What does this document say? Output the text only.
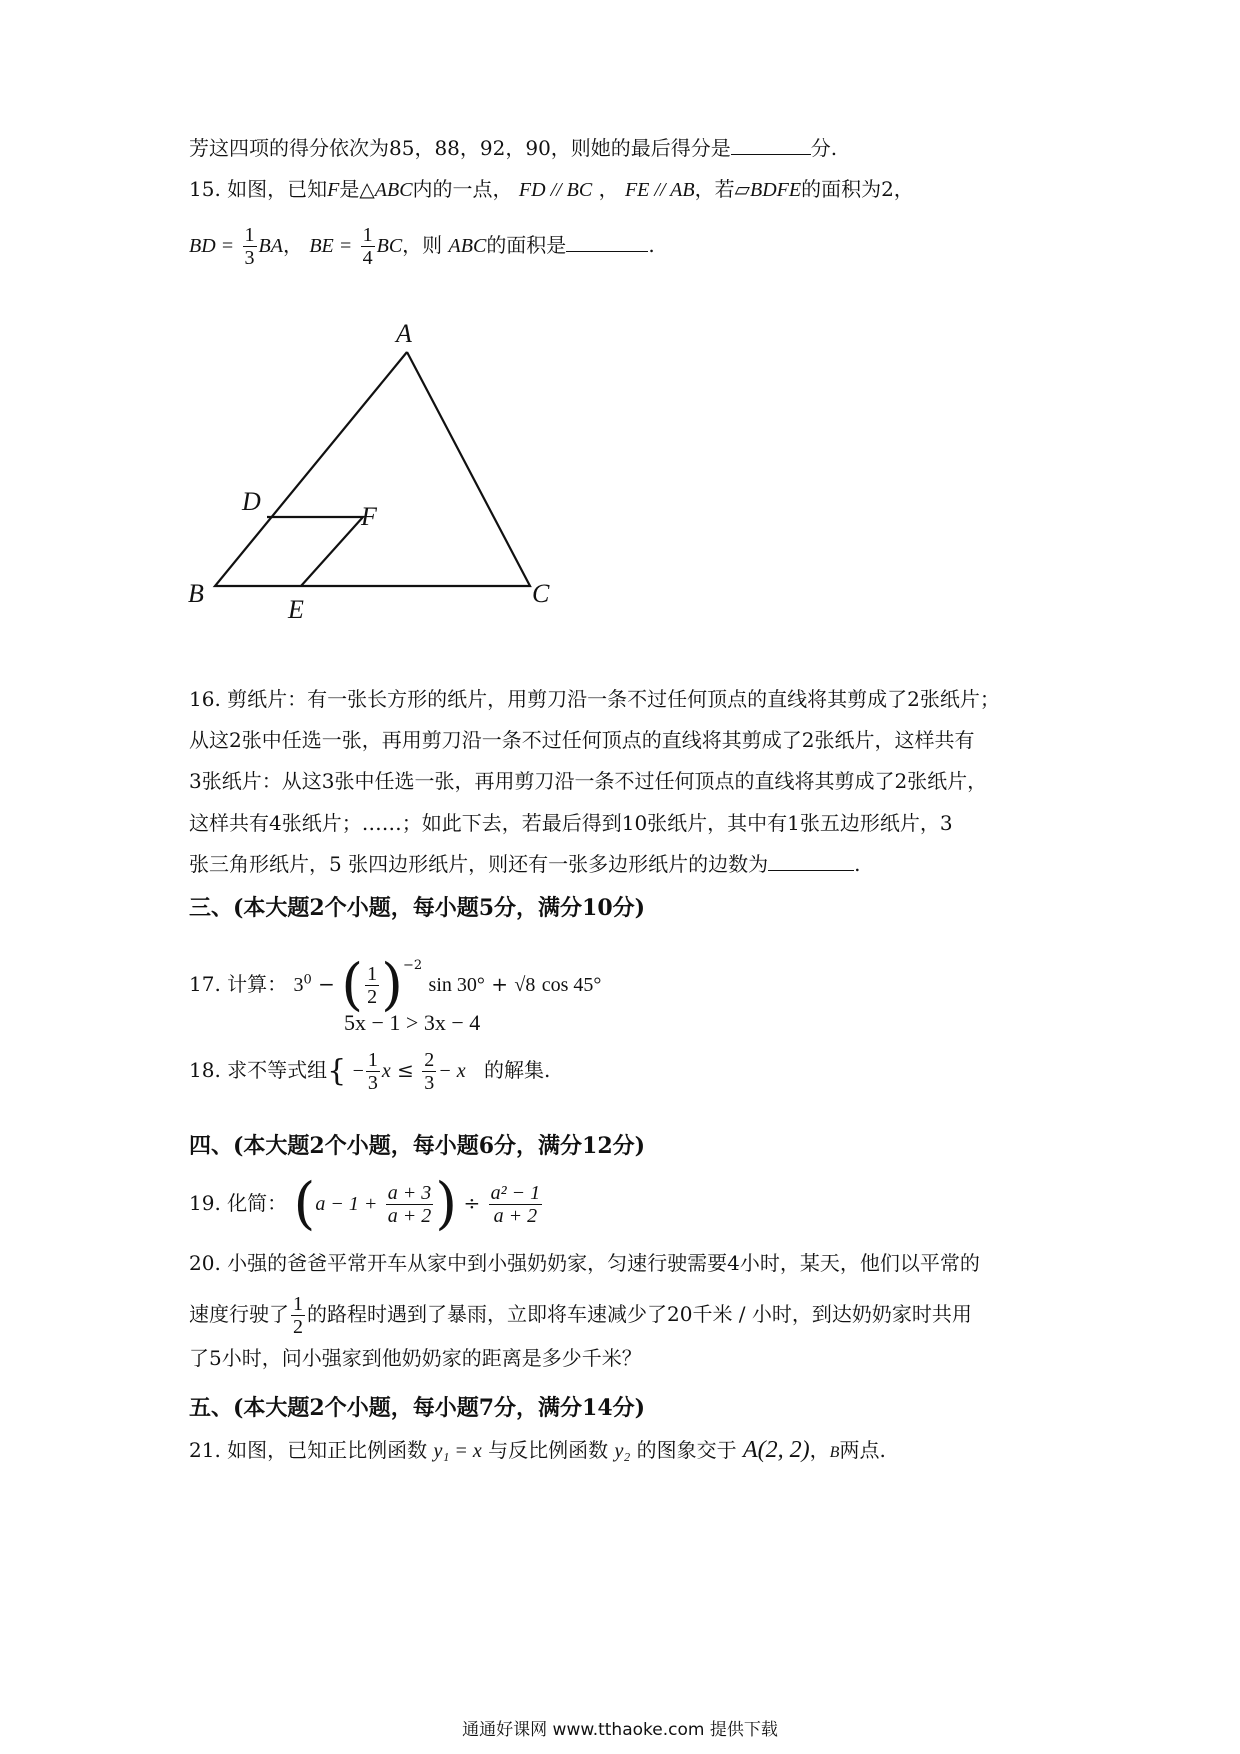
芳这四项的得分依次为85，88，92，90，则她的最后得分是	分.
15. 如图，已知F是△ABC内的一点， FD // BC ， FE // AB，若▱BDFE的面积为2，
BD = $\frac{1}{3}$ BA， BE = $\frac{1}{4}$ BC，则 ABC的面积是	.
A
B	C
D
E
F
16. 剪纸片：有一张长方形的纸片，用剪刀沿一条不过任何顶点的直线将其剪成了2张纸片；
从这2张中任选一张，再用剪刀沿一条不过任何顶点的直线将其剪成了2张纸片，这样共有
3张纸片：从这3张中任选一张，再用剪刀沿一条不过任何顶点的直线将其剪成了2张纸片，
这样共有4张纸片；……；如此下去，若最后得到10张纸片，其中有1张五边形纸片，3
张三角形纸片，5 张四边形纸片，则还有一张多边形纸片的边数为	.
三、(本大题2个小题，每小题5分，满分10分)
17. 计算： $3^0$ − ( $\frac{1}{2} )^{-2}$ sin 30° + √8 cos 45°
5x − 1 > 3x − 4
18. 求不等式组{ − $\frac{1}{3}$ $x \le \frac{2}{3} - x$ 的解集.
四、(本大题2个小题，每小题6分，满分12分)
19. 化简： ($a - 1 + \frac{a + 3}{a + 2}$ ) ÷ $\frac{\text{a² − 1}}{a + 2}$
20. 小强的爸爸平常开车从家中到小强奶奶家，匀速行驶需要4小时，某天，他们以平常的
速度行驶了 $\frac{1}{2}$ 的路程时遇到了暴雨，立即将车速减少了20千米 / 小时，到达奶奶家时共用
了5小时，问小强家到他奶奶家的距离是多少千米？
五、(本大题2个小题，每小题7分，满分14分)
21. 如图，已知正比例函数 y₁ = x 与反比例函数 y₂ 的图象交于 A(2, 2)，B两点.
通通好课网 www.tthaoke.com 提供下载
